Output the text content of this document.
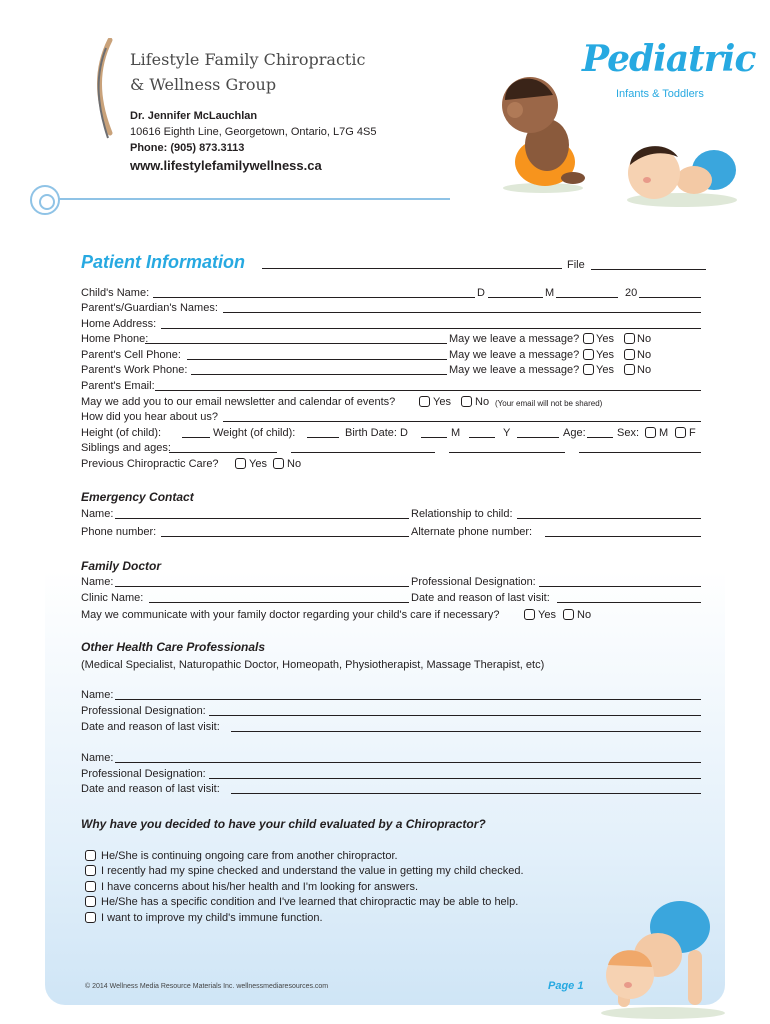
Lifestyle Family Chiropractic
& Wellness Group
Dr. Jennifer McLauchlan
10616 Eighth Line, Georgetown, Ontario, L7G 4S5
Phone: (905) 873.3113
www.lifestylefamilywellness.ca
Pediatric
Infants & Toddlers
Patient Information	File
Child's Name:	D	M	20
Parent's/Guardian's Names:
Home Address:
Home Phone:	May we leave a message? Yes No
Parent's Cell Phone:	May we leave a message? Yes No
Parent's Work Phone:	May we leave a message? Yes No
Parent's Email:
May we add you to our email newsletter and calendar of events?	Yes No (Your email will not be shared)
How did you hear about us?
Height (of child):	Weight (of child):	Birth Date: D	M	Y	Age:	Sex: M F
Siblings and ages:
Previous Chiropractic Care?	Yes No
Emergency Contact
Name:	Relationship to child:
Phone number:	Alternate phone number:
Family Doctor
Name:	Professional Designation:
Clinic Name:	Date and reason of last visit:
May we communicate with your family doctor regarding your child's care if necessary?	Yes No
Other Health Care Professionals
(Medical Specialist, Naturopathic Doctor, Homeopath, Physiotherapist, Massage Therapist, etc)
Name:
Professional Designation:
Date and reason of last visit:
Name:
Professional Designation:
Date and reason of last visit:
Why have you decided to have your child evaluated by a Chiropractor?
He/She is continuing ongoing care from another chiropractor.
I recently had my spine checked and understand the value in getting my child checked.
I have concerns about his/her health and I'm looking for answers.
He/She has a specific condition and I've learned that chiropractic may be able to help.
I want to improve my child's immune function.
© 2014 Wellness Media Resource Materials Inc. wellnessmediaresources.com	Page 1
